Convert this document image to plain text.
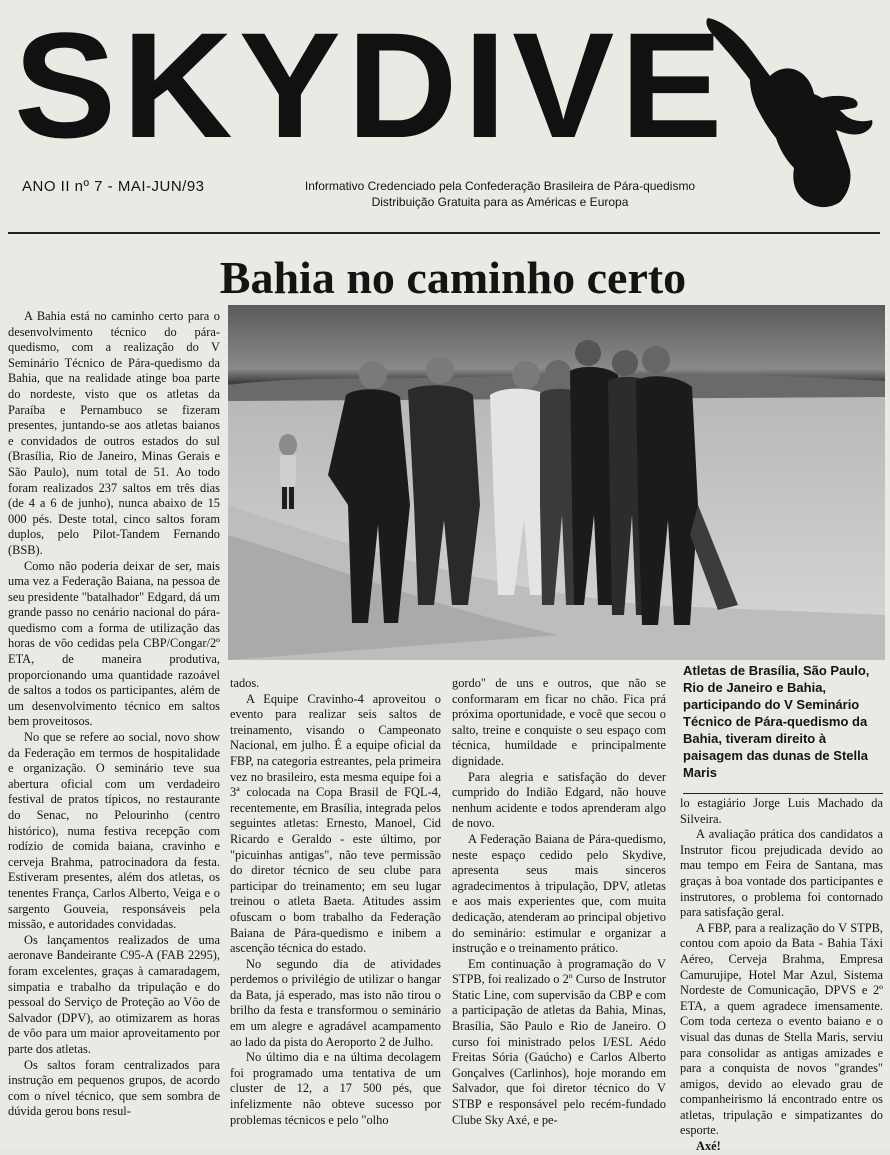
SKYDIVE
ANO II nº 7 - MAI-JUN/93	Informativo Credenciado pela Confederação Brasileira de Pára-quedismo
Distribuição Gratuita para as Américas e Europa
Bahia no caminho certo
Atletas de Brasília, São Paulo, Rio de Janeiro e Bahia, participando do V Seminário Técnico de Pára-quedismo da Bahia, tiveram direito à paisagem das dunas de Stella Maris

A Bahia está no caminho certo para o desenvolvimento técnico do pára-quedismo, com a realização do V Seminário Técnico de Pára-quedismo da Bahia, que na realidade atinge boa parte do nordeste, visto que os atletas da Paraíba e Pernambuco se fizeram presentes, juntando-se aos atletas baianos e convidados de outros estados do sul (Brasília, Rio de Janeiro, Minas Gerais e São Paulo), num total de 51. Ao todo foram realizados 237 saltos em três dias (de 4 a 6 de junho), nunca abaixo de 15 000 pés. Deste total, cinco saltos foram duplos, pelo Pilot-Tandem Fernando (BSB).

Como não poderia deixar de ser, mais uma vez a Federação Baiana, na pessoa de seu presidente "batalhador" Edgard, dá um grande passo no cenário nacional do pára-quedismo com a forma de utilização das horas de vôo cedidas pela CBP/Congar/2º ETA, de maneira produtiva, proporcionando uma quantidade razoável de saltos a todos os participantes, além de um desenvolvimento técnico em saltos bem proveitosos.

No que se refere ao social, novo show da Federação em termos de hospitalidade e organização. O seminário teve sua abertura oficial com um verdadeiro festival de pratos típicos, no restaurante do Senac, no Pelourinho (centro histórico), numa festiva recepção com rodízio de comida baiana, cravinho e cerveja Brahma, patrocinadora da festa. Estiveram presentes, além dos atletas, os tenentes França, Carlos Alberto, Veiga e o sargento Gouveia, responsáveis pela missão, e autoridades convidadas.

Os lançamentos realizados de uma aeronave Bandeirante C95-A (FAB 2295), foram excelentes, graças à camaradagem, simpatia e trabalho da tripulação e do pessoal do Serviço de Proteção ao Vôo de Salvador (DPV), ao otimizarem as horas de vôo para um maior aproveitamento por parte dos atletas.

Os saltos foram centralizados para instrução em pequenos grupos, de acordo com o nível técnico, que sem sombra de dúvida gerou bons resul-

tados.

A Equipe Cravinho-4 aproveitou o evento para realizar seis saltos de treinamento, visando o Campeonato Nacional, em julho. É a equipe oficial da FBP, na categoria estreantes, pela primeira vez no brasileiro, esta mesma equipe foi a 3ª colocada na Copa Brasil de FQL-4, recentemente, em Brasília, integrada pelos seguintes atletas: Ernesto, Manoel, Cid Ricardo e Geraldo - este último, por "picuinhas antigas", não teve permissão do diretor técnico de seu clube para participar do treinamento; em seu lugar treinou o atleta Baeta. Atitudes assim ofuscam o bom trabalho da Federação Baiana de Pára-quedismo e inibem a ascenção técnica do estado.

No segundo dia de atividades perdemos o privilégio de utilizar o hangar da Bata, já esperado, mas isto não tirou o brilho da festa e transformou o seminário em um alegre e agradável acampamento ao lado da pista do Aeroporto 2 de Julho.

No último dia e na última decolagem foi programado uma tentativa de um cluster de 12, a 17 500 pés, que infelizmente não obteve sucesso por problemas técnicos e pelo "olho

gordo" de uns e outros, que não se conformaram em ficar no chão. Fica prá próxima oportunidade, e você que secou o salto, treine e conquiste o seu espaço com técnica, humildade e principalmente dignidade.

Para alegria e satisfação do dever cumprido do Indião Edgard, não houve nenhum acidente e todos aprenderam algo de novo.

A Federação Baiana de Pára-quedismo, neste espaço cedido pelo Skydive, apresenta seus mais sinceros agradecimentos à tripulação, DPV, atletas e aos mais experientes que, com muita dedicação, atenderam ao principal objetivo do seminário: estimular e organizar a instrução e o treinamento prático.

Em continuação à programação do V STPB, foi realizado o 2º Curso de Instrutor Static Line, com supervisão da CBP e com a participação de atletas da Bahia, Minas, Brasília, São Paulo e Rio de Janeiro. O curso foi ministrado pelos I/ESL Aédo Freitas Sória (Gaúcho) e Carlos Alberto Gonçalves (Carlinhos), hoje morando em Salvador, que foi diretor técnico do V STBP e responsável pelo recém-fundado Clube Sky Axé, e pe-

lo estagiário Jorge Luis Machado da Silveira.

A avaliação prática dos candidatos a Instrutor ficou prejudicada devido ao mau tempo em Feira de Santana, mas graças à boa vontade dos participantes e instrutores, o problema foi contornado para satisfação geral.

A FBP, para a realização do V STPB, contou com apoio da Bata - Bahia Táxi Aéreo, Cerveja Brahma, Empresa Camurujipe, Hotel Mar Azul, Sistema Nordeste de Comunicação, DPVS e 2º ETA, a quem agradece imensamente. Com toda certeza o evento baiano e o visual das dunas de Stella Maris, serviu para consolidar as antigas amizades e para a conquista de novos "grandes" amigos, devido ao elevado grau de companheirismo lá encontrado entre os atletas, tripulação e simpatizantes do esporte.

Axé!
